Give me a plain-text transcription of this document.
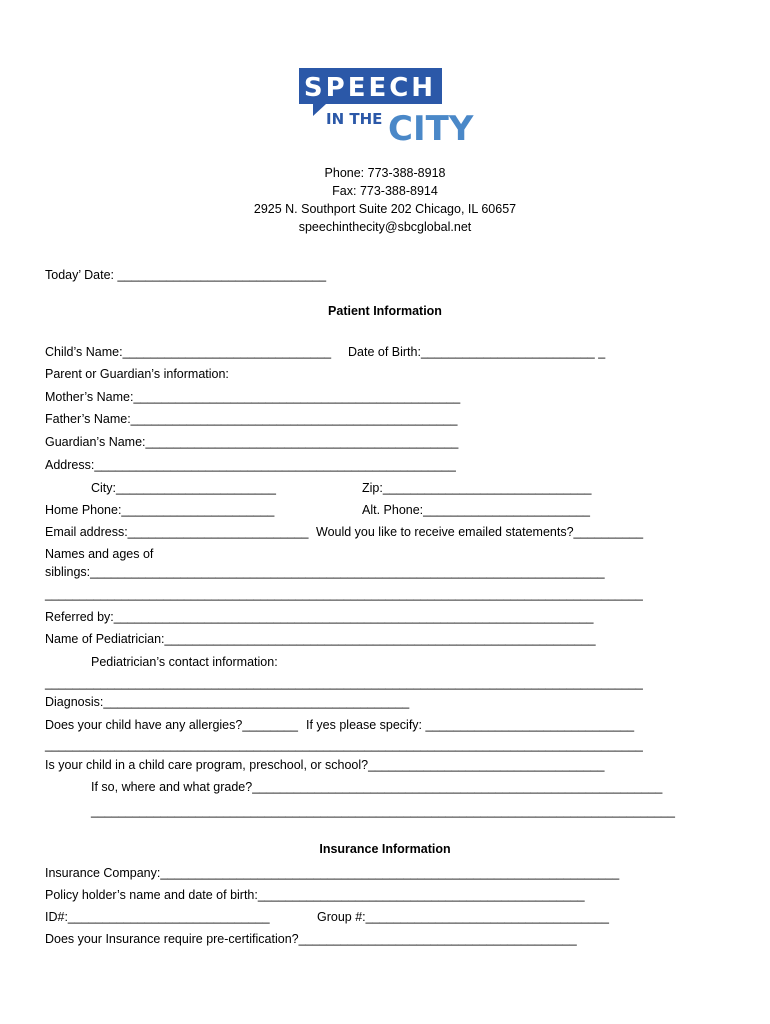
SPEECH
IN THE CITY
Phone: 773-388-8918
Fax: 773-388-8914
2925 N. Southport Suite 202 Chicago, IL 60657
speechinthecity@sbcglobal.net
Today’ Date: ______________________________
Patient Information
Child’s Name:______________________________ Date of Birth:_________________________ _
Parent or Guardian’s information:
Mother’s Name:_______________________________________________
Father’s Name:_______________________________________________
Guardian’s Name:_____________________________________________
Address:____________________________________________________
City:_______________________	Zip:______________________________
Home Phone:______________________	Alt. Phone:________________________
Email address:__________________________ Would you like to receive emailed statements?__________
Names and ages of
siblings:__________________________________________________________________________
______________________________________________________________________________________
Referred by:_____________________________________________________________________
Name of Pediatrician:______________________________________________________________
Pediatrician’s contact information:
______________________________________________________________________________________
Diagnosis:____________________________________________
Does your child have any allergies?________ If yes please specify: ______________________________
______________________________________________________________________________________
Is your child in a child care program, preschool, or school?__________________________________
If so, where and what grade?___________________________________________________________
____________________________________________________________________________________
Insurance Information
Insurance Company:__________________________________________________________________
Policy holder’s name and date of birth:_______________________________________________
ID#:_____________________________	Group #:___________________________________
Does your Insurance require pre-certification?________________________________________
